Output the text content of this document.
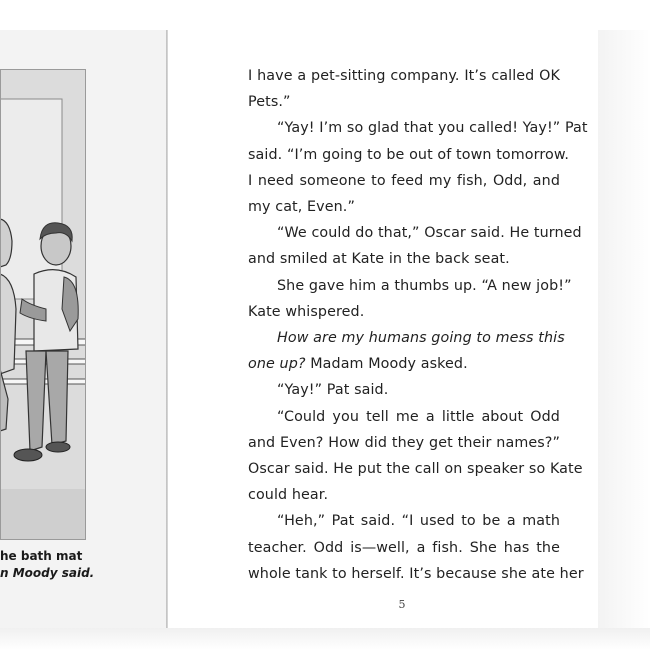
he bath mat
n Moody said.
I have a pet-sitting company. It’s called OK
Pets.”
“Yay! I’m so glad that you called! Yay!” Pat
said. “I’m going to be out of town tomorrow.
I need someone to feed my fish, Odd, and
my cat, Even.”
“We could do that,” Oscar said. He turned
and smiled at Kate in the back seat.
She gave him a thumbs up. “A new job!”
Kate whispered.
How are my humans going to mess this
one up? Madam Moody asked.
“Yay!” Pat said.
“Could you tell me a little about Odd
and Even? How did they get their names?”
Oscar said. He put the call on speaker so Kate
could hear.
“Heh,” Pat said. “I used to be a math
teacher. Odd is—well, a fish. She has the
whole tank to herself. It’s because she ate her
5
